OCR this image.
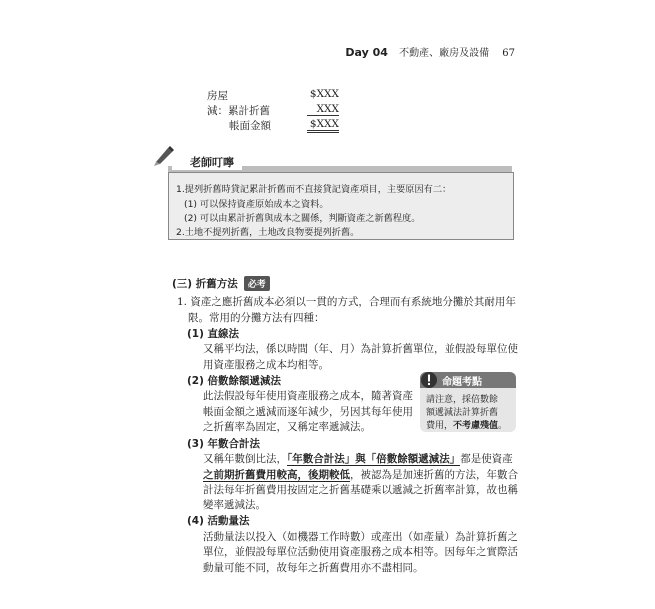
Day 04 不動產、廠房及設備 67
房屋	$XXX
減：累計折舊	XXX
帳面金額	$XXX
老師叮嚀
1.提列折舊時貸記累計折舊而不直接貸記資產項目，主要原因有二：
(1) 可以保持資產原始成本之資料。
(2) 可以由累計折舊與成本之關係，判斷資產之新舊程度。
2.土地不提列折舊，土地改良物要提列折舊。
(三) 折舊方法 必考
1. 資產之應折舊成本必須以一貫的方式，合理而有系統地分攤於其耐用年
限。常用的分攤方法有四種：
(1) 直線法
又稱平均法，係以時間（年、月）為計算折舊單位，並假設每單位使
用資產服務之成本均相等。
(2) 倍數餘額遞減法
此法假設每年使用資產服務之成本，隨著資產
帳面金額之遞減而逐年減少，另因其每年使用
之折舊率為固定，又稱定率遞減法。
命題考點
請注意，採倍數餘
額遞減法計算折舊
費用，不考慮殘值。
(3) 年數合計法
又稱年數倒比法，「年數合計法」與「倍數餘額遞減法」都是使資產
之前期折舊費用較高，後期較低，被認為是加速折舊的方法，年數合
計法每年折舊費用按固定之折舊基礎乘以遞減之折舊率計算，故也稱
變率遞減法。
(4) 活動量法
活動量法以投入（如機器工作時數）或產出（如產量）為計算折舊之
單位，並假設每單位活動使用資產服務之成本相等。因每年之實際活
動量可能不同，故每年之折舊費用亦不盡相同。
